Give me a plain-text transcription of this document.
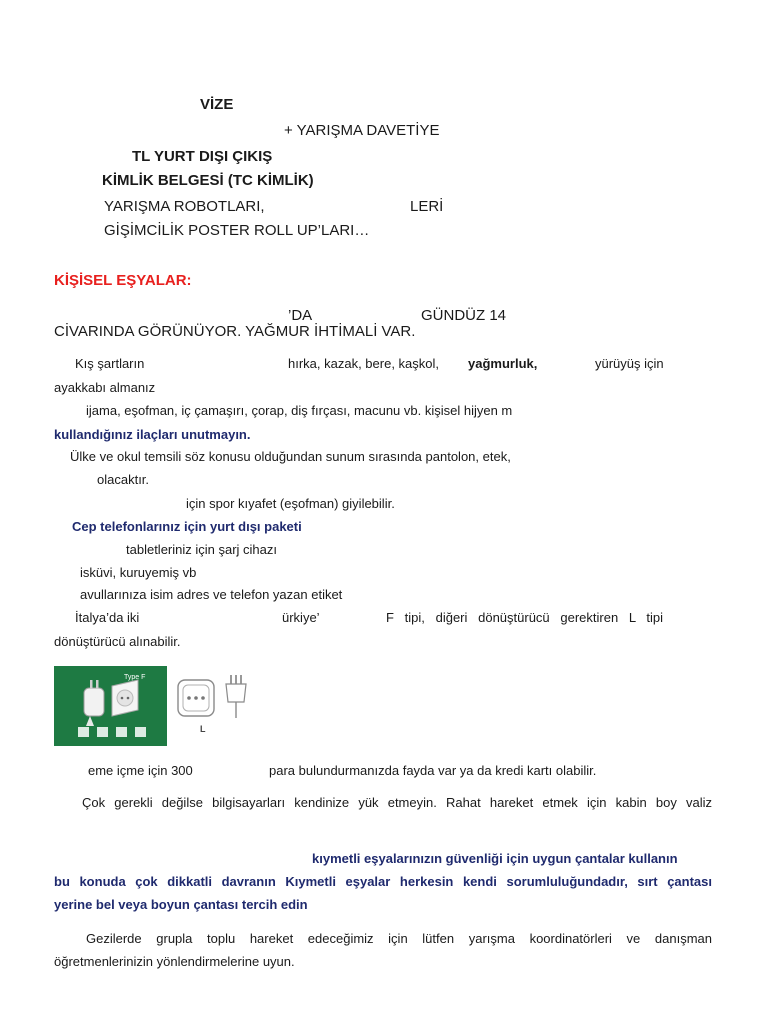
VİZE
+ YARIŞMA DAVETİYE
TL YURT DIŞI ÇIKIŞ
KİMLİK BELGESİ (TC KİMLİK)
YARIŞMA ROBOTLARI,	LERİ
GİŞİMCİLİK POSTER ROLL UP’LARI…
KİŞİSEL EŞYALAR:
’DA	GÜNDÜZ 14
CİVARINDA GÖRÜNÜYOR. YAĞMUR İHTİMALİ VAR.
Kış şartların	hırka, kazak, bere, kaşkol, yağmurluk,	yürüyüş için
ayakkabı almanız
ijama, eşofman, iç çamaşırı, çorap, diş fırçası, macunu vb. kişisel hijyen m
kullandığınız ilaçları unutmayın.
Ülke ve okul temsili söz konusu olduğundan sunum sırasında pantolon, etek,
olacaktır.
için spor kıyafet (eşofman) giyilebilir.
Cep telefonlarınız için yurt dışı paketi
tabletleriniz için şarj cihazı
isküvi, kuruyemiş vb
avullarınıza isim adres ve telefon yazan etiket
İtalya’da iki	ürkiye’	F tipi, diğeri dönüştürücü gerektiren L tipi
dönüştürücü alınabilir.
Type F
L
eme içme için 300	para bulundurmanızda fayda var ya da kredi kartı olabilir.
Çok gerekli değilse bilgisayarları kendinize yük etmeyin. Rahat hareket etmek için kabin boy valiz
kıymetli eşyalarınızın güvenliği için uygun çantalar kullanın
bu konuda çok dikkatli davranın Kıymetli eşyalar herkesin kendi sorumluluğundadır, sırt çantası
yerine bel veya boyun çantası tercih edin
Gezilerde grupla toplu hareket edeceğimiz için lütfen yarışma koordinatörleri ve danışman
öğretmenlerinizin yönlendirmelerine uyun.
